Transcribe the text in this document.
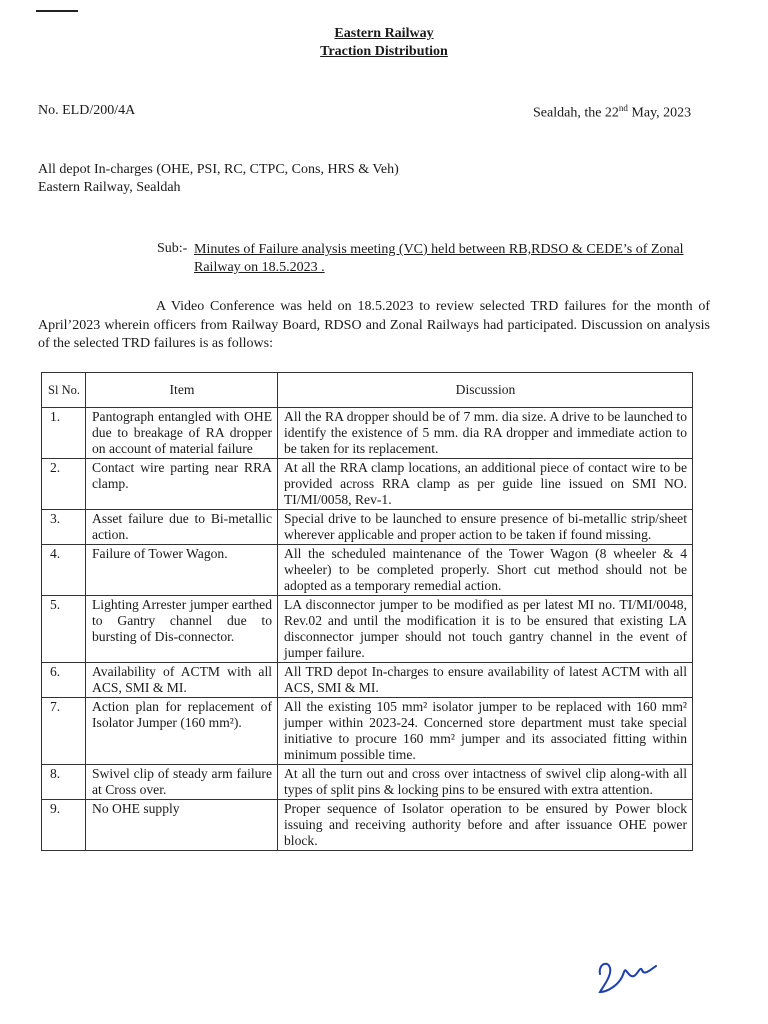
Eastern Railway
Traction Distribution
No. ELD/200/4A	Sealdah, the 22nd May, 2023
All depot In-charges (OHE, PSI, RC, CTPC, Cons, HRS & Veh)
Eastern Railway, Sealdah
Sub:- Minutes of Failure analysis meeting (VC) held between RB,RDSO & CEDE’s of Zonal Railway on 18.5.2023 .
A Video Conference was held on 18.5.2023 to review selected TRD failures for the month of April’2023 wherein officers from Railway Board, RDSO and Zonal Railways had participated. Discussion on analysis of the selected TRD failures is as follows:
Sl No.	Item	Discussion
1.	Pantograph entangled with OHE due to breakage of RA dropper on account of material failure	All the RA dropper should be of 7 mm. dia size. A drive to be launched to identify the existence of 5 mm. dia RA dropper and immediate action to be taken for its replacement.
2.	Contact wire parting near RRA clamp.	At all the RRA clamp locations, an additional piece of contact wire to be provided across RRA clamp as per guide line issued on SMI NO. TI/MI/0058, Rev-1.
3.	Asset failure due to Bi-metallic action.	Special drive to be launched to ensure presence of bi-metallic strip/sheet wherever applicable and proper action to be taken if found missing.
4.	Failure of Tower Wagon.	All the scheduled maintenance of the Tower Wagon (8 wheeler & 4 wheeler) to be completed properly. Short cut method should not be adopted as a temporary remedial action.
5.	Lighting Arrester jumper earthed to Gantry channel due to bursting of Dis-connector.	LA disconnector jumper to be modified as per latest MI no. TI/MI/0048, Rev.02 and until the modification it is to be ensured that existing LA disconnector jumper should not touch gantry channel in the event of jumper failure.
6.	Availability of ACTM with all ACS, SMI & MI.	All TRD depot In-charges to ensure availability of latest ACTM with all ACS, SMI & MI.
7.	Action plan for replacement of Isolator Jumper (160 mm²).	All the existing 105 mm² isolator jumper to be replaced with 160 mm² jumper within 2023-24. Concerned store department must take special initiative to procure 160 mm² jumper and its associated fitting within minimum possible time.
8.	Swivel clip of steady arm failure at Cross over.	At all the turn out and cross over intactness of swivel clip along-with all types of split pins & locking pins to be ensured with extra attention.
9.	No OHE supply	Proper sequence of Isolator operation to be ensured by Power block issuing and receiving authority before and after issuance OHE power block.
